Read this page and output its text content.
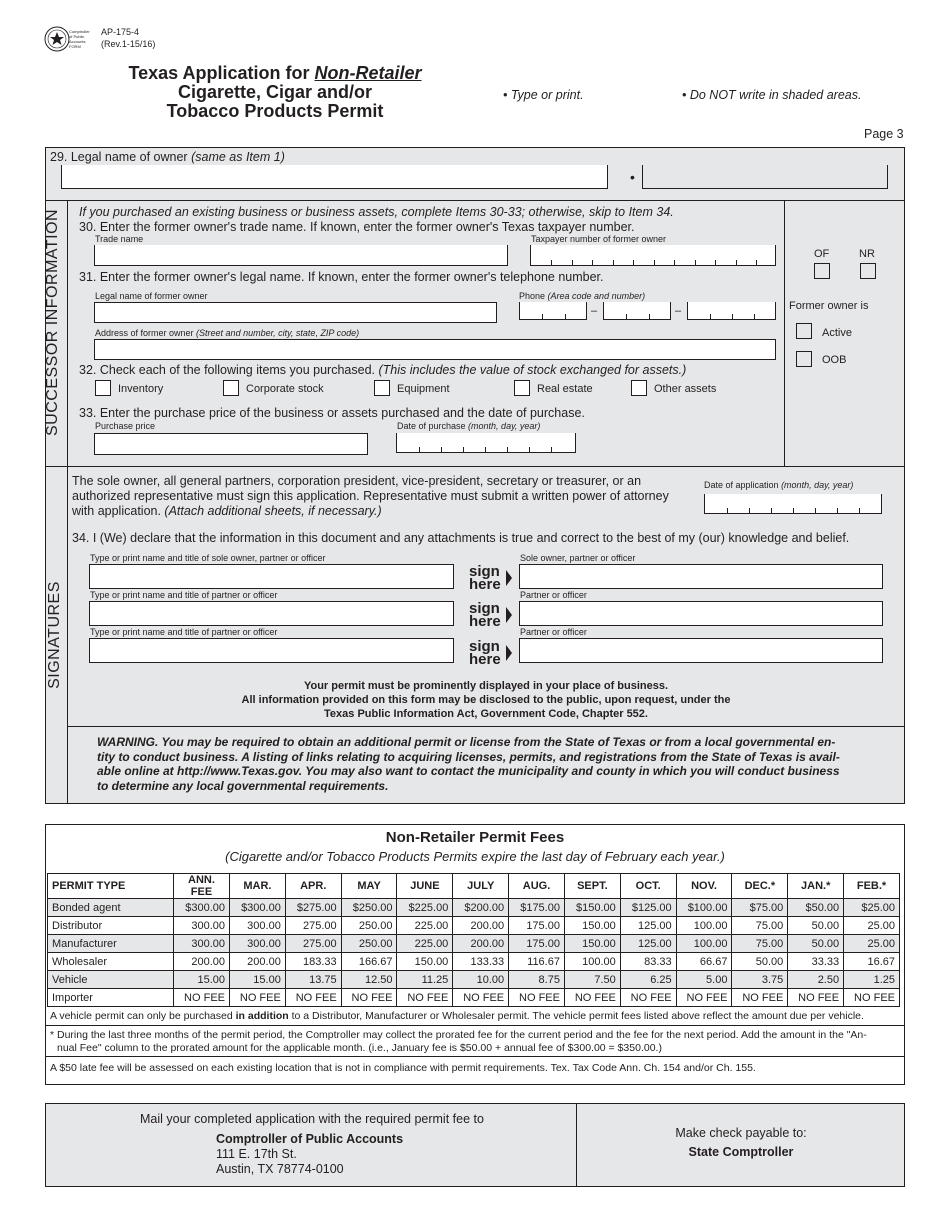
Comptroller of Public Accounts FORM
AP-175-4
(Rev.1-15/16)
Texas Application for Non-Retailer
Cigarette, Cigar and/or
Tobacco Products Permit
• Type or print.	• Do NOT write in shaded areas.
Page 3
29. Legal name of owner (same as Item 1)
•
SUCCESSOR INFORMATION If you purchased an existing business or business assets, complete Items 30-33; otherwise, skip to Item 34.
30. Enter the former owner's trade name. If known, enter the former owner's Texas taxpayer number.
Trade name	Taxpayer number of former owner
OF	NR
31. Enter the former owner's legal name. If known, enter the former owner's telephone number.
Legal name of former owner	Phone (Area code and number)
–	–	Former owner is
Active
OOB
Address of former owner (Street and number, city, state, ZIP code)
32. Check each of the following items you purchased. (This includes the value of stock exchanged for assets.)
Inventory	Corporate stock	Equipment	Real estate	Other assets
33. Enter the purchase price of the business or assets purchased and the date of purchase.
Purchase price	Date of purchase (month, day, year)
SIGNATURES
The sole owner, all general partners, corporation president, vice-president, secretary or treasurer, or an
authorized representative must sign this application. Representative must submit a written power of attorney
with application. (Attach additional sheets, if necessary.)
Date of application (month, day, year)
34. I (We) declare that the information in this document and any attachments is true and correct to the best of my (our) knowledge and belief.
Type or print name and title of sole owner, partner or officer
sign
here
Sole owner, partner or officer
Type or print name and title of partner or officer
sign
here
Partner or officer
Type or print name and title of partner or officer
sign
here
Partner or officer
Your permit must be prominently displayed in your place of business.
All information provided on this form may be disclosed to the public, upon request, under the
Texas Public Information Act, Government Code, Chapter 552.
WARNING. You may be required to obtain an additional permit or license from the State of Texas or from a local governmental en-
tity to conduct business. A listing of links relating to acquiring licenses, permits, and registrations from the State of Texas is avail-
able online at http://www.Texas.gov. You may also want to contact the municipality and county in which you will conduct business
to determine any local governmental requirements.
Non-Retailer Permit Fees
(Cigarette and/or Tobacco Products Permits expire the last day of February each year.)
PERMIT TYPE	ANN. FEE	MAR.	APR.	MAY	JUNE	JULY	AUG.	SEPT.	OCT.	NOV.	DEC.*	JAN.*	FEB.*
Bonded agent	$300.00	$300.00	$275.00	$250.00	$225.00	$200.00	$175.00	$150.00	$125.00	$100.00	$75.00	$50.00	$25.00
Distributor	300.00	300.00	275.00	250.00	225.00	200.00	175.00	150.00	125.00	100.00	75.00	50.00	25.00
Manufacturer	300.00	300.00	275.00	250.00	225.00	200.00	175.00	150.00	125.00	100.00	75.00	50.00	25.00
Wholesaler	200.00	200.00	183.33	166.67	150.00	133.33	116.67	100.00	83.33	66.67	50.00	33.33	16.67
Vehicle	15.00	15.00	13.75	12.50	11.25	10.00	8.75	7.50	6.25	5.00	3.75	2.50	1.25
Importer	NO FEE	NO FEE	NO FEE	NO FEE	NO FEE	NO FEE	NO FEE	NO FEE	NO FEE	NO FEE	NO FEE	NO FEE	NO FEE
A vehicle permit can only be purchased in addition to a Distributor, Manufacturer or Wholesaler permit. The vehicle permit fees listed above reflect the amount due per vehicle.
* During the last three months of the permit period, the Comptroller may collect the prorated fee for the current period and the fee for the next period. Add the amount in the "An-
nual Fee" column to the prorated amount for the applicable month. (i.e., January fee is $50.00 + annual fee of $300.00 = $350.00.)
A $50 late fee will be assessed on each existing location that is not in compliance with permit requirements. Tex. Tax Code Ann. Ch. 154 and/or Ch. 155.
Mail your completed application with the required permit fee to
Comptroller of Public Accounts
111 E. 17th St.
Austin, TX 78774-0100
Make check payable to:
State Comptroller
